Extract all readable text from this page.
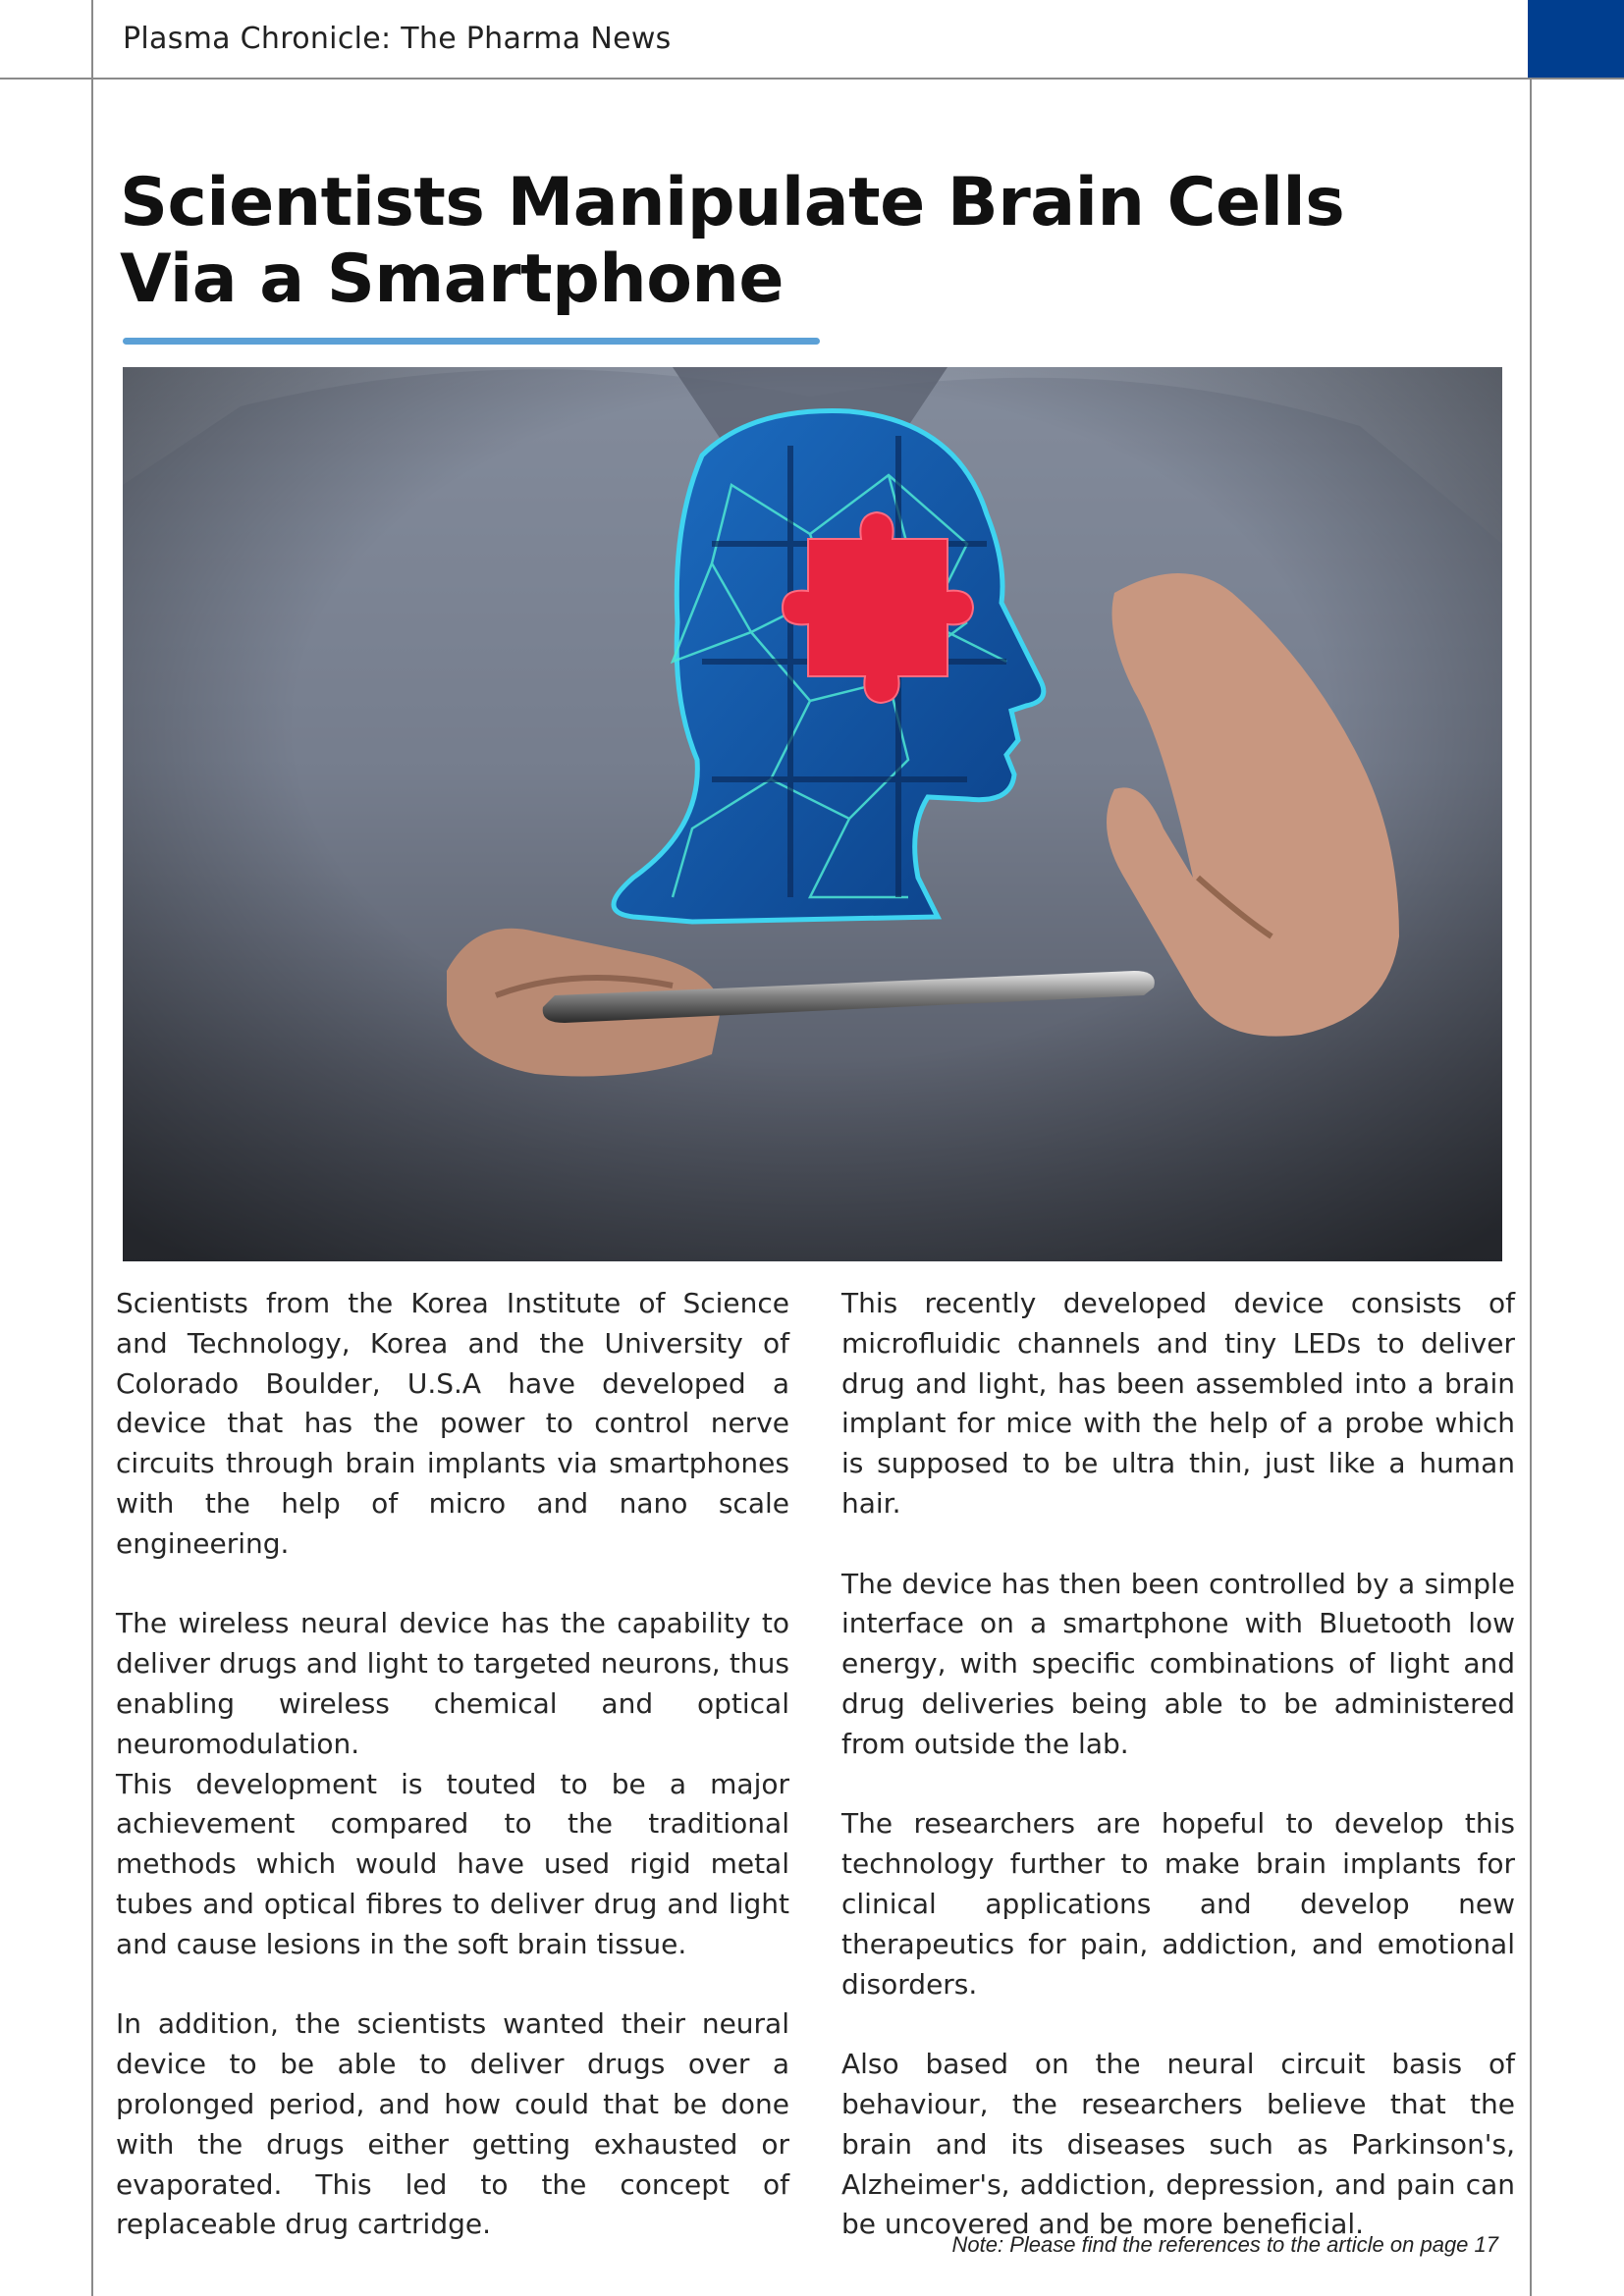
Plasma Chronicle: The Pharma News
Scientists Manipulate Brain Cells Via a Smartphone

Scientists from the Korea Institute of Science and Technology, Korea and the University of Colorado Boulder, U.S.A have developed a device that has the power to control nerve circuits through brain implants via smartphones with the help of micro and nano scale engineering.

The wireless neural device has the capability to deliver drugs and light to targeted neurons, thus enabling wireless chemical and optical neuromodulation.

This development is touted to be a major achievement compared to the traditional methods which would have used rigid metal tubes and optical fibres to deliver drug and light and cause lesions in the soft brain tissue.

In addition, the scientists wanted their neural device to be able to deliver drugs over a prolonged period, and how could that be done with the drugs either getting exhausted or evaporated. This led to the concept of replaceable drug cartridge.

This recently developed device consists of microfluidic channels and tiny LEDs to deliver drug and light, has been assembled into a brain implant for mice with the help of a probe which is supposed to be ultra thin, just like a human hair.

The device has then been controlled by a simple interface on a smartphone with Bluetooth low energy, with specific combinations of light and drug deliveries being able to be administered from outside the lab.

The researchers are hopeful to develop this technology further to make brain implants for clinical applications and develop new therapeutics for pain, addiction, and emotional disorders.

Also based on the neural circuit basis of behaviour, the researchers believe that the brain and its diseases such as Parkinson's, Alzheimer's, addiction, depression, and pain can be uncovered and be more beneficial.

Note: Please find the references to the article on page 17
